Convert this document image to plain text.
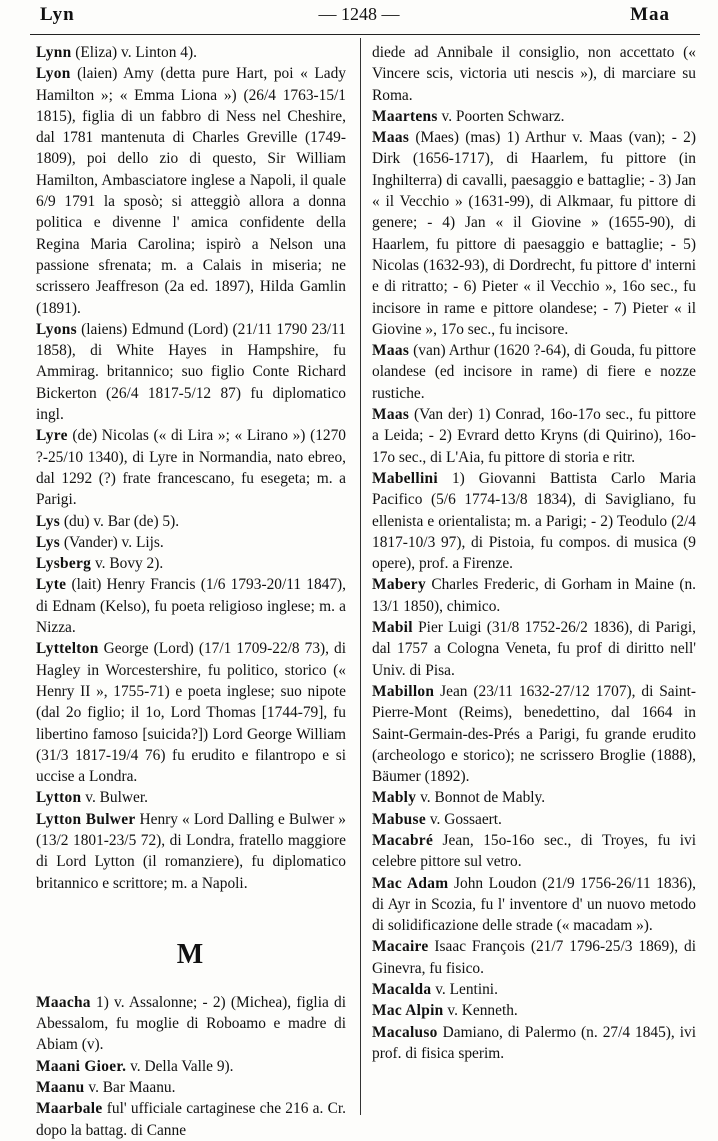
Lyn	— 1248 —	Maa

Lynn (Eliza) v. Linton 4).

Lyon (laien) Amy (detta pure Hart, poi « Lady Hamilton »; « Emma Liona ») (26/4 1763-15/1 1815), figlia di un fabbro di Ness nel Cheshire, dal 1781 mantenuta di Charles Greville (1749-1809), poi dello zio di questo, Sir William Hamilton, Ambasciatore inglese a Napoli, il quale 6/9 1791 la sposò; si atteggiò allora a donna politica e divenne l' amica confidente della Regina Maria Carolina; ispirò a Nelson una passione sfrenata; m. a Calais in miseria; ne scrissero Jeaffreson (2a ed. 1897), Hilda Gamlin (1891).

Lyons (laiens) Edmund (Lord) (21/11 1790 23/11 1858), di White Hayes in Hampshire, fu Ammirag. britannico; suo figlio Conte Richard Bickerton (26/4 1817-5/12 87) fu diplomatico ingl.

Lyre (de) Nicolas (« di Lira »; « Lirano ») (1270 ?-25/10 1340), di Lyre in Normandia, nato ebreo, dal 1292 (?) frate francescano, fu esegeta; m. a Parigi.

Lys (du) v. Bar (de) 5).

Lys (Vander) v. Lijs.

Lysberg v. Bovy 2).

Lyte (lait) Henry Francis (1/6 1793-20/11 1847), di Ednam (Kelso), fu poeta religioso inglese; m. a Nizza.

Lyttelton George (Lord) (17/1 1709-22/8 73), di Hagley in Worcestershire, fu politico, storico (« Henry II », 1755-71) e poeta inglese; suo nipote (dal 2o figlio; il 1o, Lord Thomas [1744-79], fu libertino famoso [suicida?]) Lord George William (31/3 1817-19/4 76) fu erudito e filantropo e si uccise a Londra.

Lytton v. Bulwer.

Lytton Bulwer Henry « Lord Dalling e Bulwer » (13/2 1801-23/5 72), di Londra, fratello maggiore di Lord Lytton (il romanziere), fu diplomatico britannico e scrittore; m. a Napoli.

M

Maacha 1) v. Assalonne; - 2) (Michea), figlia di Abessalom, fu moglie di Roboamo e madre di Abiam (v).

Maani Gioer. v. Della Valle 9).

Maanu v. Bar Maanu.

Maarbale ful' ufficiale cartaginese che 216 a. Cr. dopo la battag. di Canne

diede ad Annibale il consiglio, non accettato (« Vincere scis, victoria uti nescis »), di marciare su Roma.

Maartens v. Poorten Schwarz.

Maas (Maes) (mas) 1) Arthur v. Maas (van); - 2) Dirk (1656-1717), di Haarlem, fu pittore (in Inghilterra) di cavalli, paesaggio e battaglie; - 3) Jan « il Vecchio » (1631-99), di Alkmaar, fu pittore di genere; - 4) Jan « il Giovine » (1655-90), di Haarlem, fu pittore di paesaggio e battaglie; - 5) Nicolas (1632-93), di Dordrecht, fu pittore d' interni e di ritratto; - 6) Pieter « il Vecchio », 16o sec., fu incisore in rame e pittore olandese; - 7) Pieter « il Giovine », 17o sec., fu incisore.

Maas (van) Arthur (1620 ?-64), di Gouda, fu pittore olandese (ed incisore in rame) di fiere e nozze rustiche.

Maas (Van der) 1) Conrad, 16o-17o sec., fu pittore a Leida; - 2) Evrard detto Kryns (di Quirino), 16o-17o sec., di L'Aia, fu pittore di storia e ritr.

Mabellini 1) Giovanni Battista Carlo Maria Pacifico (5/6 1774-13/8 1834), di Savigliano, fu ellenista e orientalista; m. a Parigi; - 2) Teodulo (2/4 1817-10/3 97), di Pistoia, fu compos. di musica (9 opere), prof. a Firenze.

Mabery Charles Frederic, di Gorham in Maine (n. 13/1 1850), chimico.

Mabil Pier Luigi (31/8 1752-26/2 1836), di Parigi, dal 1757 a Cologna Veneta, fu prof di diritto nell' Univ. di Pisa.

Mabillon Jean (23/11 1632-27/12 1707), di Saint-Pierre-Mont (Reims), benedettino, dal 1664 in Saint-Germain-des-Prés a Parigi, fu grande erudito (archeologo e storico); ne scrissero Broglie (1888), Bäumer (1892).

Mably v. Bonnot de Mably.

Mabuse v. Gossaert.

Macabré Jean, 15o-16o sec., di Troyes, fu ivi celebre pittore sul vetro.

Mac Adam John Loudon (21/9 1756-26/11 1836), di Ayr in Scozia, fu l' inventore d' un nuovo metodo di solidificazione delle strade (« macadam »).

Macaire Isaac François (21/7 1796-25/3 1869), di Ginevra, fu fisico.

Macalda v. Lentini.

Mac Alpin v. Kenneth.

Macaluso Damiano, di Palermo (n. 27/4 1845), ivi prof. di fisica sperim.
